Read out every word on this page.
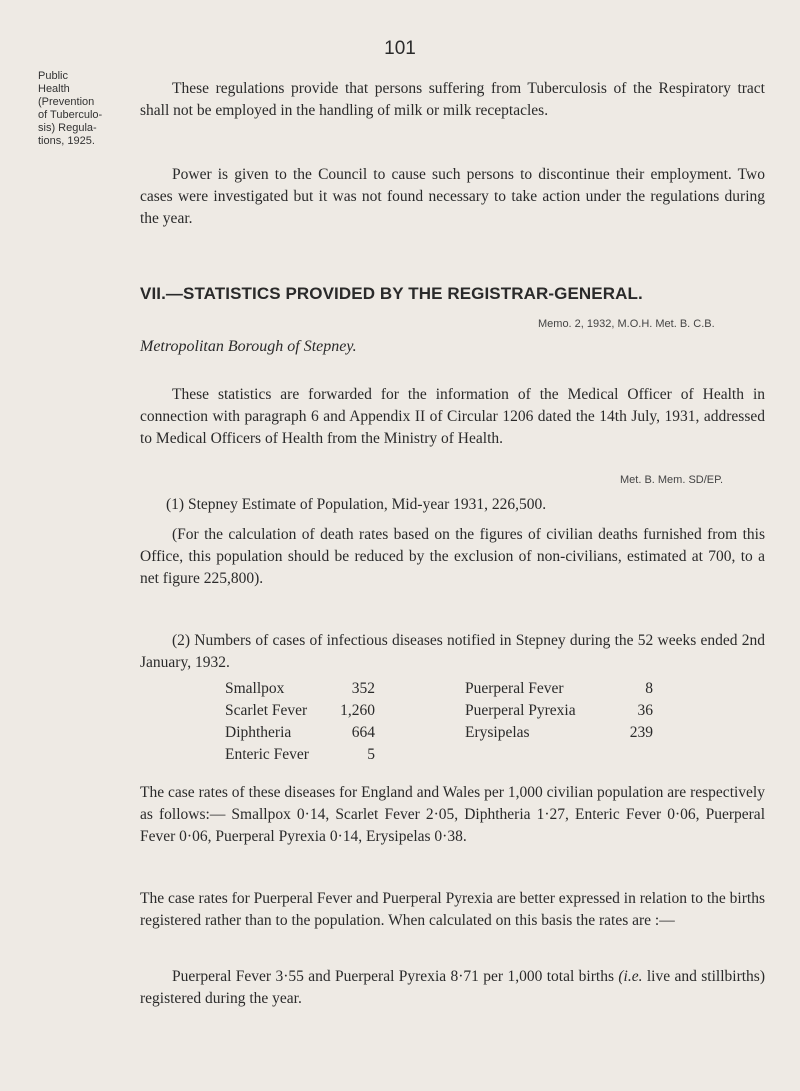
101
Public
Health
(Prevention
of Tuberculo-
sis) Regula-
tions, 1925.

These regulations provide that persons suffering from Tuberculosis of the Respiratory tract shall not be employed in the handling of milk or milk receptacles.

Power is given to the Council to cause such persons to discontinue their employment. Two cases were investigated but it was not found necessary to take action under the regulations during the year.

VII.—STATISTICS PROVIDED BY THE REGISTRAR-GENERAL.
Memo. 2, 1932, M.O.H. Met. B. C.B.
Metropolitan Borough of Stepney.

These statistics are forwarded for the information of the Medical Officer of Health in connection with paragraph 6 and Appendix II of Circular 1206 dated the 14th July, 1931, addressed to Medical Officers of Health from the Ministry of Health.

Met. B. Mem. SD/EP.

(1) Stepney Estimate of Population, Mid-year 1931, 226,500.

(For the calculation of death rates based on the figures of civilian deaths furnished from this Office, this population should be reduced by the exclusion of non-civilians, estimated at 700, to a net figure 225,800).

(2) Numbers of cases of infectious diseases notified in Stepney during the 52 weeks ended 2nd January, 1932.

Smallpox	352
Scarlet Fever 1,260
Diphtheria	664
Enteric Fever	5
Puerperal Fever	8
Puerperal Pyrexia	36
Erysipelas	239

The case rates of these diseases for England and Wales per 1,000 civilian population are respectively as follows:— Smallpox 0·14, Scarlet Fever 2·05, Diphtheria 1·27, Enteric Fever 0·06, Puerperal Fever 0·06, Puerperal Pyrexia 0·14, Erysipelas 0·38.

The case rates for Puerperal Fever and Puerperal Pyrexia are better expressed in relation to the births registered rather than to the population. When calculated on this basis the rates are :—

Puerperal Fever 3·55 and Puerperal Pyrexia 8·71 per 1,000 total births (i.e. live and stillbirths) registered during the year.
